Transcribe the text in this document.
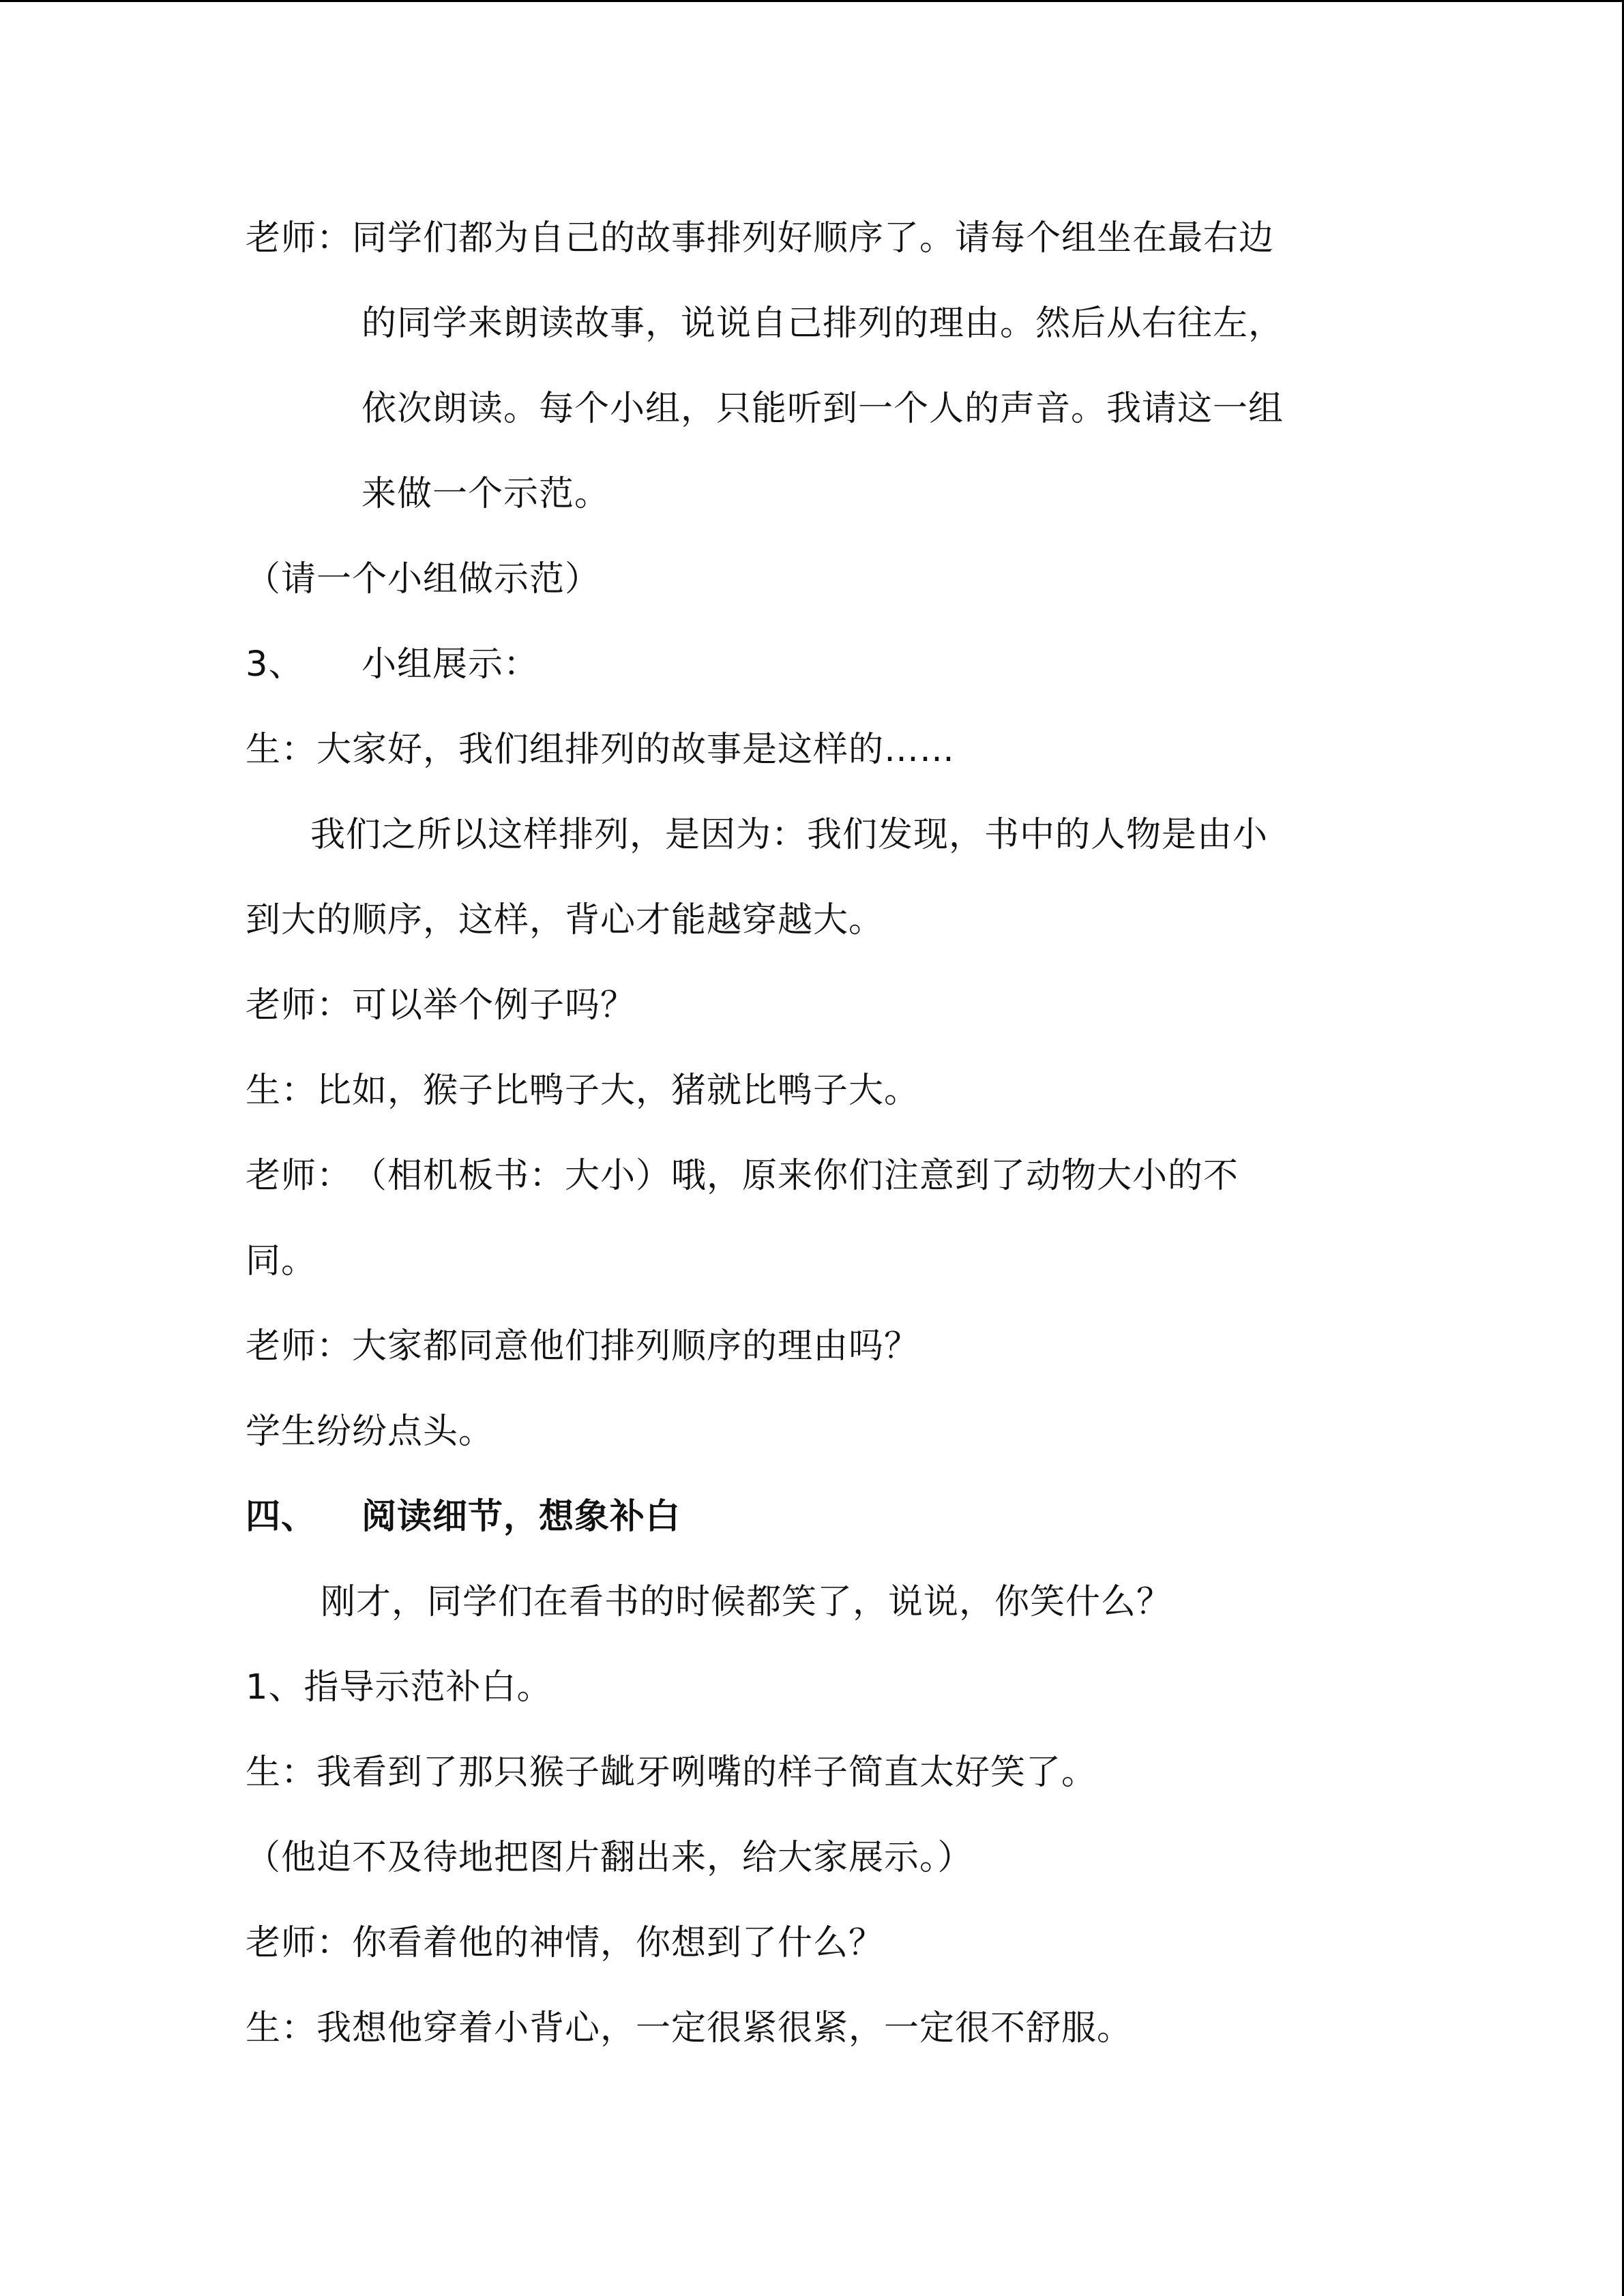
老师：同学们都为自己的故事排列好顺序了。请每个组坐在最右边
的同学来朗读故事，说说自己排列的理由。然后从右往左，
依次朗读。每个小组，只能听到一个人的声音。我请这一组
来做一个示范。
（请一个小组做示范）
3、 小组展示：
生：大家好，我们组排列的故事是这样的……
我们之所以这样排列，是因为：我们发现，书中的人物是由小
到大的顺序，这样，背心才能越穿越大。
老师：可以举个例子吗？
生：比如，猴子比鸭子大，猪就比鸭子大。
老师：（相机板书：大小）哦，原来你们注意到了动物大小的不
同。
老师：大家都同意他们排列顺序的理由吗？
学生纷纷点头。
四、 阅读细节，想象补白
刚才，同学们在看书的时候都笑了，说说，你笑什么？
1、指导示范补白。
生：我看到了那只猴子龇牙咧嘴的样子简直太好笑了。
（他迫不及待地把图片翻出来，给大家展示。）
老师：你看着他的神情，你想到了什么？
生：我想他穿着小背心，一定很紧很紧，一定很不舒服。
